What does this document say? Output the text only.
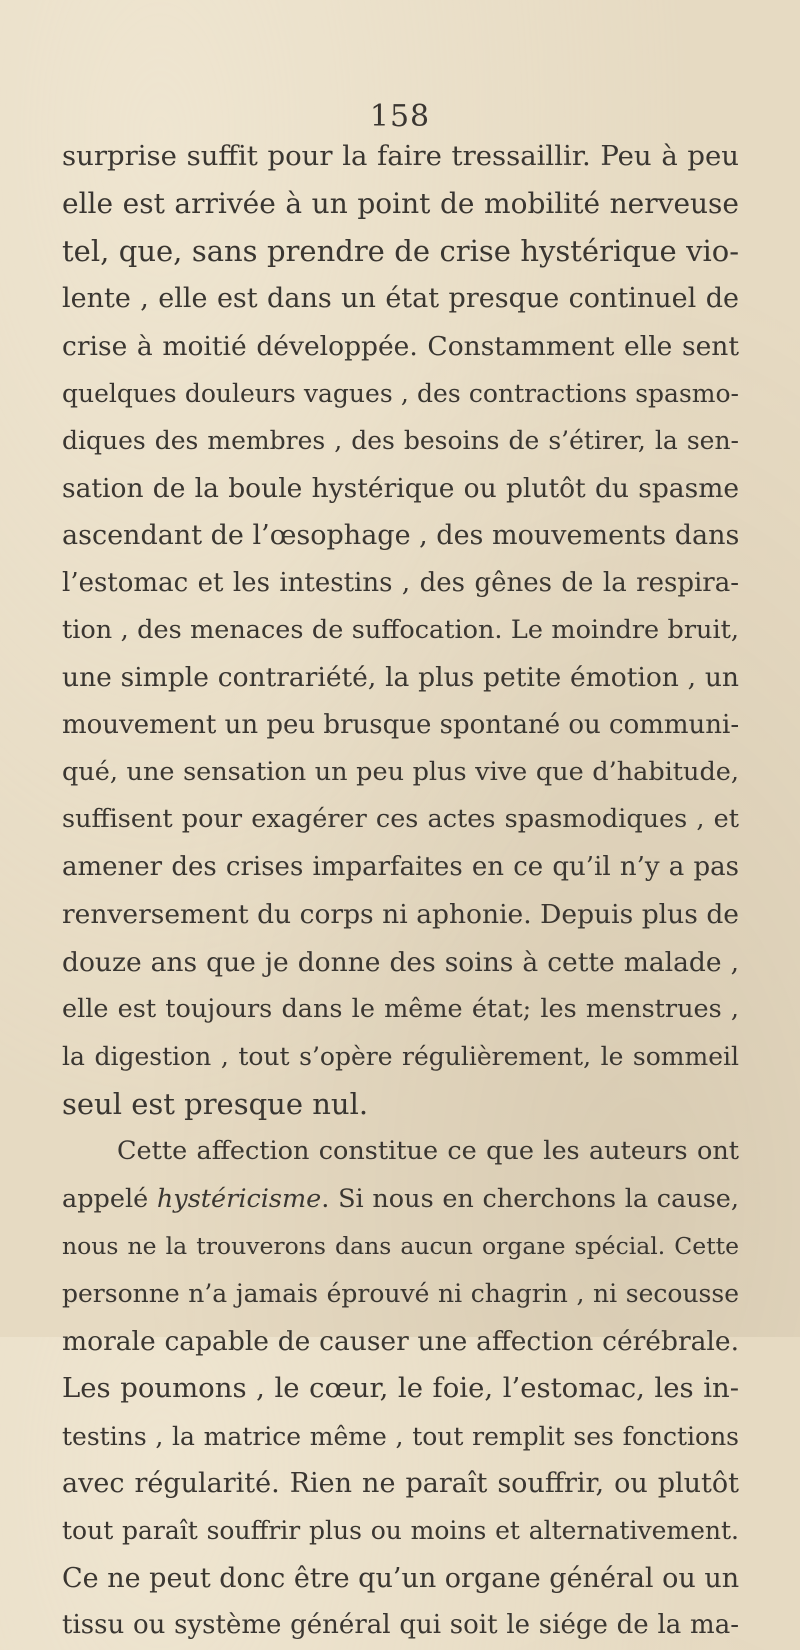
158
surprise suffit pour la faire tressaillir. Peu à peu
elle est arrivée à un point de mobilité nerveuse
tel, que, sans prendre de crise hystérique vio-
lente , elle est dans un état presque continuel de
crise à moitié développée. Constamment elle sent
quelques douleurs vagues , des contractions spasmo-
diques des membres , des besoins de s’étirer, la sen-
sation de la boule hystérique ou plutôt du spasme
ascendant de l’œsophage , des mouvements dans
l’estomac et les intestins , des gênes de la respira-
tion , des menaces de suffocation. Le moindre bruit,
une simple contrariété, la plus petite émotion , un
mouvement un peu brusque spontané ou communi-
qué, une sensation un peu plus vive que d’habitude,
suffisent pour exagérer ces actes spasmodiques , et
amener des crises imparfaites en ce qu’il n’y a pas
renversement du corps ni aphonie. Depuis plus de
douze ans que je donne des soins à cette malade ,
elle est toujours dans le même état; les menstrues ,
la digestion , tout s’opère régulièrement, le sommeil
seul est presque nul.
Cette affection constitue ce que les auteurs ont
appelé hystéricisme. Si nous en cherchons la cause,
nous ne la trouverons dans aucun organe spécial. Cette
personne n’a jamais éprouvé ni chagrin , ni secousse
morale capable de causer une affection cérébrale.
Les poumons , le cœur, le foie, l’estomac, les in-
testins , la matrice même , tout remplit ses fonctions
avec régularité. Rien ne paraît souffrir, ou plutôt
tout paraît souffrir plus ou moins et alternativement.
Ce ne peut donc être qu’un organe général ou un
tissu ou système général qui soit le siége de la ma-
